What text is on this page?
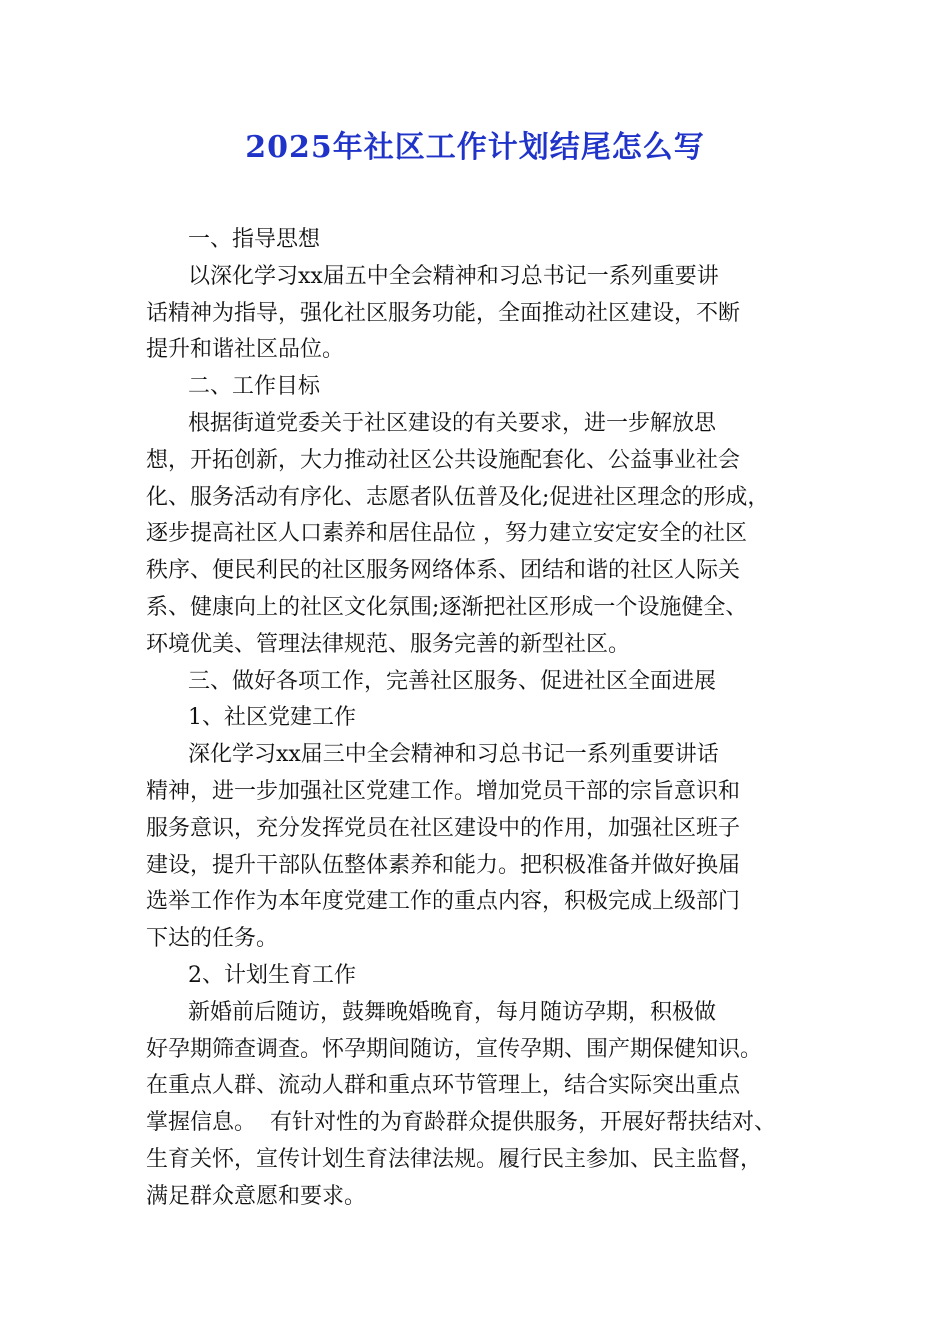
2025年社区工作计划结尾怎么写
一、指导思想
以深化学习xx届五中全会精神和习总书记一系列重要讲
话精神为指导，强化社区服务功能，全面推动社区建设，不断
提升和谐社区品位。
二、工作目标
根据街道党委关于社区建设的有关要求，进一步解放思
想，开拓创新，大力推动社区公共设施配套化、公益事业社会
化、服务活动有序化、志愿者队伍普及化;促进社区理念的形成，
逐步提高社区人口素养和居住品位 ，努力建立安定安全的社区
秩序、便民利民的社区服务网络体系、团结和谐的社区人际关
系、健康向上的社区文化氛围;逐渐把社区形成一个设施健全、
环境优美、管理法律规范、服务完善的新型社区。
三、做好各项工作，完善社区服务、促进社区全面进展
1、社区党建工作
深化学习xx届三中全会精神和习总书记一系列重要讲话
精神，进一步加强社区党建工作。增加党员干部的宗旨意识和
服务意识，充分发挥党员在社区建设中的作用，加强社区班子
建设，提升干部队伍整体素养和能力。把积极准备并做好换届
选举工作作为本年度党建工作的重点内容，积极完成上级部门
下达的任务。
2、计划生育工作
新婚前后随访，鼓舞晚婚晚育，每月随访孕期，积极做
好孕期筛查调查。怀孕期间随访，宣传孕期、围产期保健知识。
在重点人群、流动人群和重点环节管理上，结合实际突出重点
掌握信息。  有针对性的为育龄群众提供服务，开展好帮扶结对、
生育关怀，宣传计划生育法律法规。履行民主参加、民主监督，
满足群众意愿和要求。
